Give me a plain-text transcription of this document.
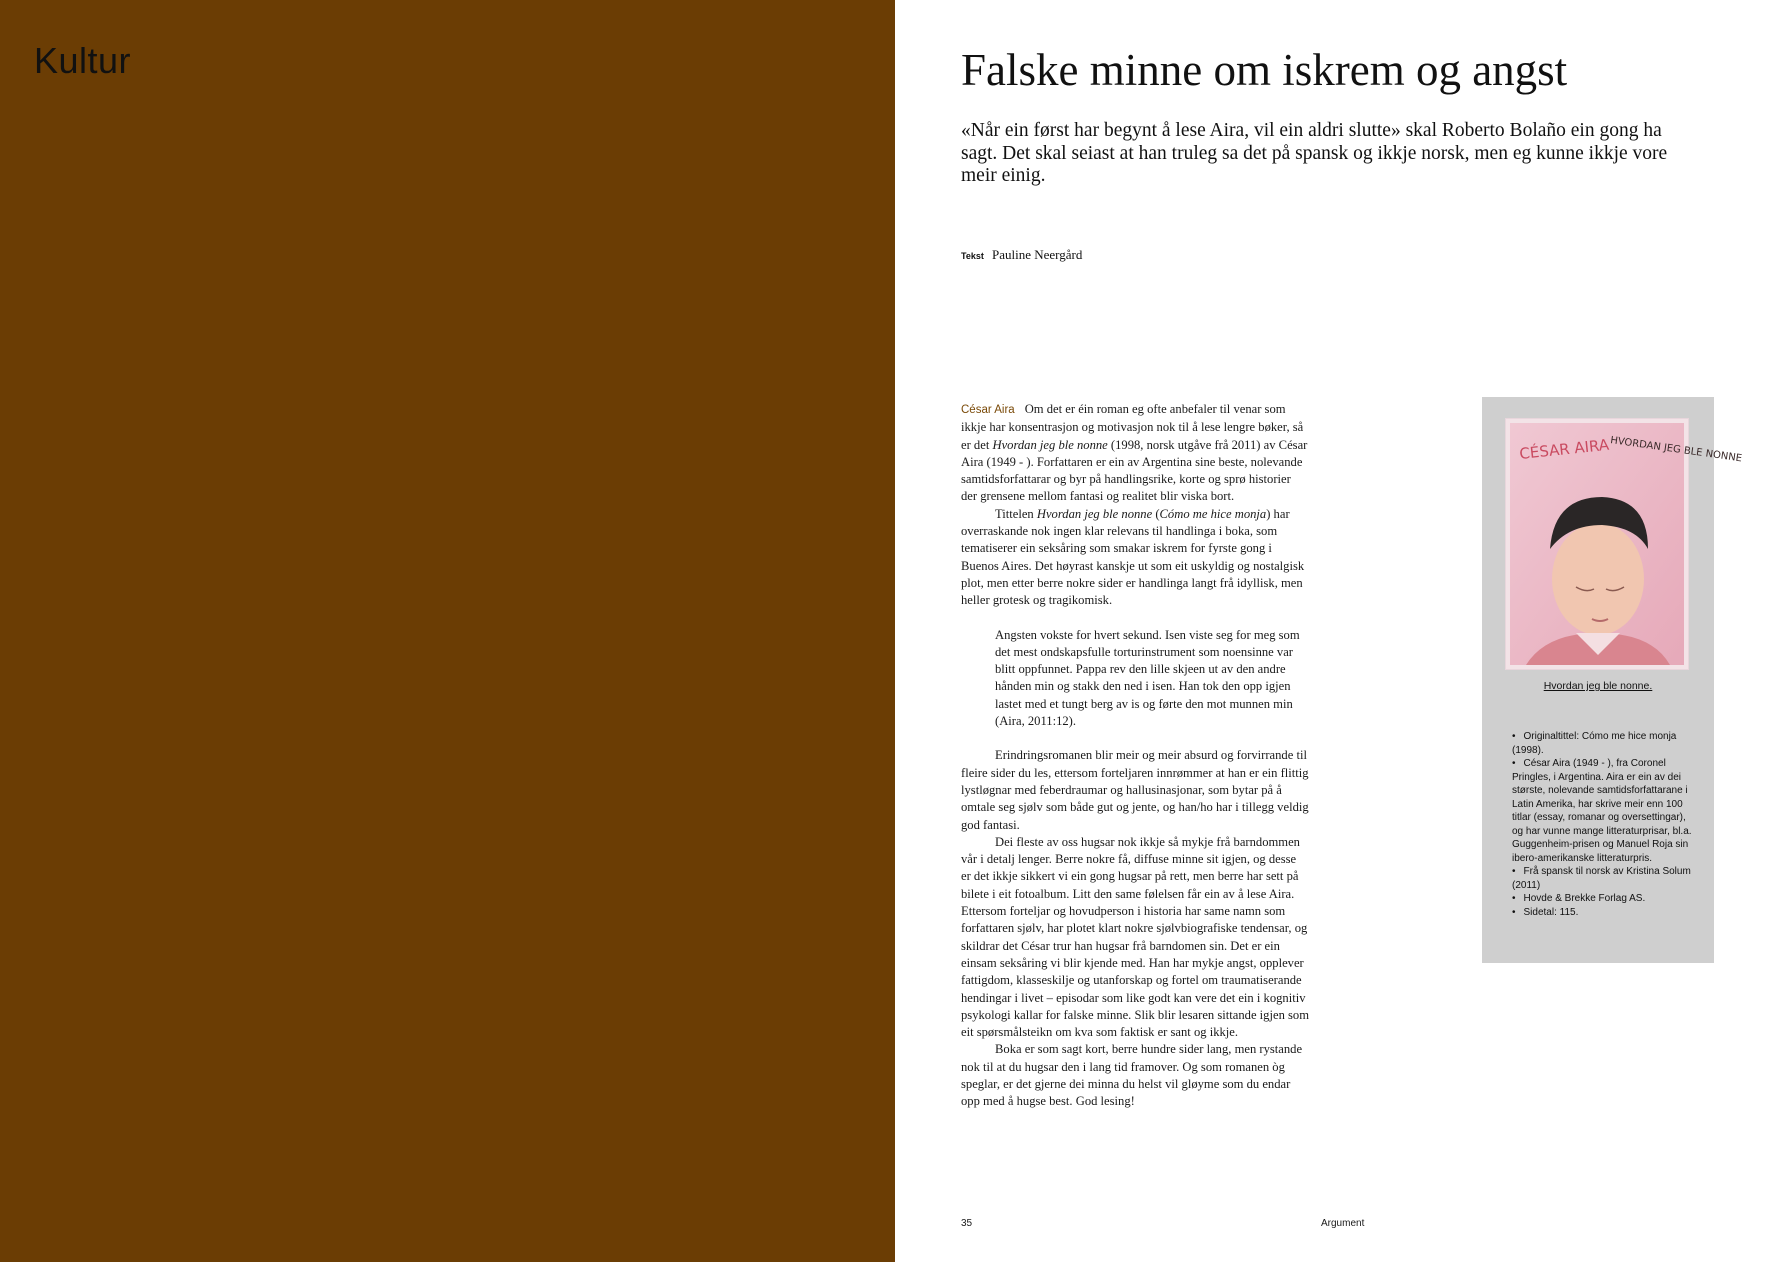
Kultur	Falske minne om iskrem og angst

«Når ein først har begynt å lese Aira, vil ein aldri slutte» skal Roberto Bolaño ein gong ha sagt. Det skal seiast at han truleg sa det på spansk og ikkje norsk, men eg kunne ikkje vore meir einig.

Tekst Pauline Neergård

César Aira Om det er éin roman eg ofte anbefaler til venar som ikkje har konsentrasjon og motivasjon nok til å lese lengre bøker, så er det Hvordan jeg ble nonne (1998, norsk utgåve frå 2011) av César Aira (1949 - ). Forfattaren er ein av Argentina sine beste, nolevande samtidsforfattarar og byr på handlingsrike, korte og sprø historier der grensene mellom fantasi og realitet blir viska bort.

Tittelen Hvordan jeg ble nonne (Cómo me hice monja) har overraskande nok ingen klar relevans til handlinga i boka, som tematiserer ein seksåring som smakar iskrem for fyrste gong i Buenos Aires. Det høyrast kanskje ut som eit uskyldig og nostalgisk plot, men etter berre nokre sider er handlinga langt frå idyllisk, men heller grotesk og tragikomisk.

Angsten vokste for hvert sekund. Isen viste seg for meg som det mest ondskapsfulle torturinstrument som noensinne var blitt oppfunnet. Pappa rev den lille skjeen ut av den andre hånden min og stakk den ned i isen. Han tok den opp igjen lastet med et tungt berg av is og førte den mot munnen min (Aira, 2011:12).

Erindringsromanen blir meir og meir absurd og forvirrande til fleire sider du les, ettersom forteljaren innrømmer at han er ein flittig lystløgnar med feberdraumar og hallusinasjonar, som bytar på å omtale seg sjølv som både gut og jente, og han/ho har i tillegg veldig god fantasi.

Dei fleste av oss hugsar nok ikkje så mykje frå barndommen vår i detalj lenger. Berre nokre få, diffuse minne sit igjen, og desse er det ikkje sikkert vi ein gong hugsar på rett, men berre har sett på bilete i eit fotoalbum. Litt den same følelsen får ein av å lese Aira. Ettersom forteljar og hovudperson i historia har same namn som forfattaren sjølv, har plotet klart nokre sjølvbiografiske tendensar, og skildrar det César trur han hugsar frå barndomen sin. Det er ein einsam seksåring vi blir kjende med. Han har mykje angst, opplever fattigdom, klasseskilje og utanforskap og fortel om traumatiserande hendingar i livet – episodar som like godt kan vere det ein i kognitiv psykologi kallar for falske minne. Slik blir lesaren sittande igjen som eit spørsmålsteikn om kva som faktisk er sant og ikkje.

Boka er som sagt kort, berre hundre sider lang, men rystande nok til at du hugsar den i lang tid framover. Og som romanen òg speglar, er det gjerne dei minna du helst vil gløyme som du endar opp med å hugse best. God lesing!

CÉSAR AIRA HVORDAN JEG BLE NONNE
Hvordan jeg ble nonne.
• Originaltittel: Cómo me hice monja (1998).
• César Aira (1949 - ), fra Coronel Pringles, i Argentina. Aira er ein av dei største, nolevande samtidsforfattarane i Latin Amerika, har skrive meir enn 100 titlar (essay, romanar og oversettingar), og har vunne mange litteraturprisar, bl.a. Guggenheim-prisen og Manuel Roja sin ibero-amerikanske litteraturpris.
• Frå spansk til norsk av Kristina Solum (2011)
• Hovde & Brekke Forlag AS.
• Sidetal: 115.
35	Argument
